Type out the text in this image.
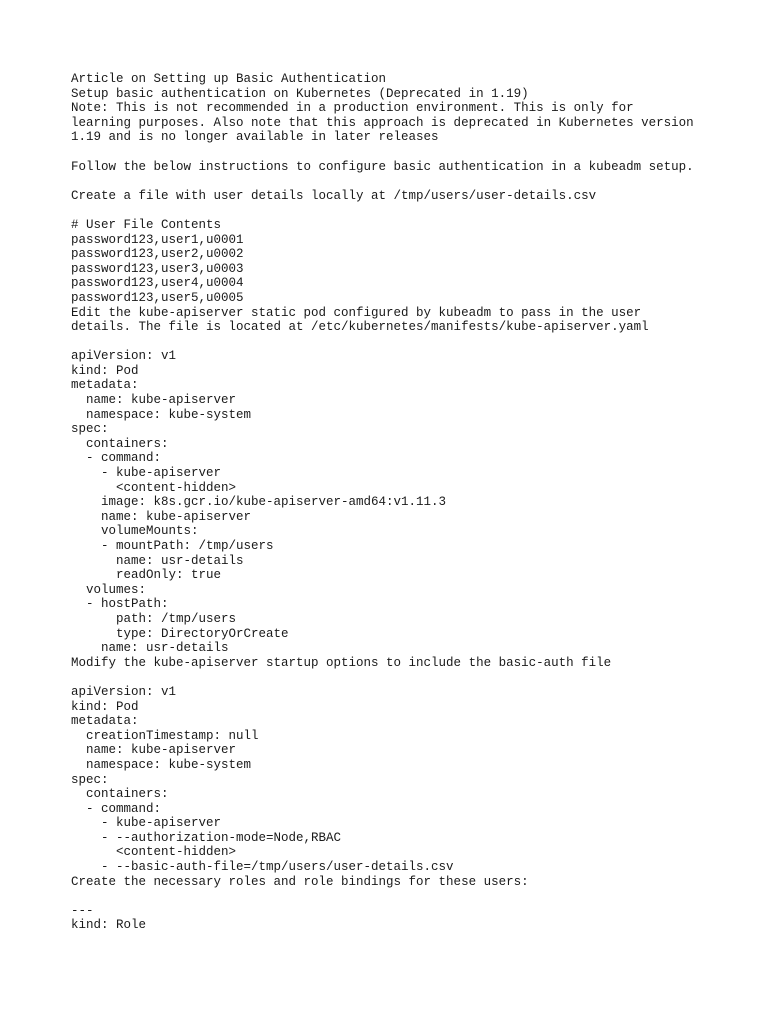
Article on Setting up Basic Authentication
Setup basic authentication on Kubernetes (Deprecated in 1.19)
Note: This is not recommended in a production environment. This is only for
learning purposes. Also note that this approach is deprecated in Kubernetes version
1.19 and is no longer available in later releases
Follow the below instructions to configure basic authentication in a kubeadm setup.
Create a file with user details locally at /tmp/users/user-details.csv
# User File Contents
password123,user1,u0001
password123,user2,u0002
password123,user3,u0003
password123,user4,u0004
password123,user5,u0005
Edit the kube-apiserver static pod configured by kubeadm to pass in the user
details. The file is located at /etc/kubernetes/manifests/kube-apiserver.yaml
apiVersion: v1
kind: Pod
metadata:
name: kube-apiserver
namespace: kube-system
spec:
containers:
- command:
- kube-apiserver
<content-hidden>
image: k8s.gcr.io/kube-apiserver-amd64:v1.11.3
name: kube-apiserver
volumeMounts:
- mountPath: /tmp/users
name: usr-details
readOnly: true
volumes:
- hostPath:
path: /tmp/users
type: DirectoryOrCreate
name: usr-details
Modify the kube-apiserver startup options to include the basic-auth file
apiVersion: v1
kind: Pod
metadata:
creationTimestamp: null
name: kube-apiserver
namespace: kube-system
spec:
containers:
- command:
- kube-apiserver
- --authorization-mode=Node,RBAC
<content-hidden>
- --basic-auth-file=/tmp/users/user-details.csv
Create the necessary roles and role bindings for these users:
---
kind: Role
